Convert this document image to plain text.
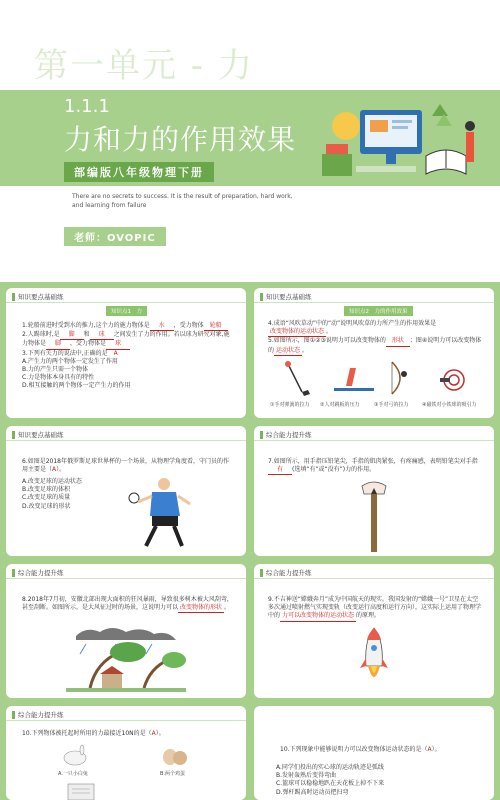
第一单元 - 力
1.1.1
力和力的作用效果
部编版八年级物理下册
There are no secrets to success. It is the result of preparation, hard work, and learning from failure
老师：OVOPIC
知识要点基础练
知识点1　力
1.轮船前进时受到水的推力,这个力的施力物体是 水 ，受力物体 轮船
2.人踢球时,是 脚 和 球 之间发生了力的作用。若以球为研究对象,施力物体是 脚 ，受力物体是 球
3.下列有关力的说法中,正确的是　 A
A.产生力的两个物体一定发生了作用
B.力的产生只需一个物体
C.力是物体本身具有的特性
D.相互接触的两个物体一定产生力的作用
知识要点基础练
知识点2　力的作用效果
4.成语“风吹草动”中的“动”说明风吹草的力所产生的作用效果是改变物体的运动状态 。
5.如图所示，图①②③说明力可以改变物体的 形状 ；图④说明力可以改变物体的 运动状态 。
①手对弹簧的拉力 ②人对跳板的压力	③手对弓的拉力	④磁铁对小铁球的吸引力
知识要点基础练
6.如图是2018年俄罗斯足球世界杯的一个场景，从物理学角度看，守门员的作用主要是（A）。
A.改变足球的运动状态
B.改变足球的体积
C.改变足球的质量
D.改变足球的形状
综合能力提升练
7.如图所示，用手指压铅笔尖，手指的肌肉紧张，有疼痛感，表明铅笔尖对手指有 (选填“有”或“没有”)力的作用。
综合能力提升练
8.2018年7月初，安徽北部出现大面积的狂风暴雨，导致很多树木被大风刮弯，甚至刮断。如图所示，是大风征过时的场景，这说明力可以 改变物体的形状 。
综合能力提升练
9.不吉神送“嫦娥奔月”成为中国航天的现实。我国发射的“嫦娥一号”卫星在太空多次通过喷射燃气实现变轨（改变运行高度和运行方向），这实际上运用了物理学中的 力可以改变物体的运动状态 的原理。
综合能力提升练
10.下列物体被托起时所用的力最接近10N的是（A）。
A.一只小白兔	B.两个鸡蛋
10.下列现象中能够说明力可以改变物体运动状态的是（A）。
A.同学们投出的实心球的运动轨迹是弧线
B.发射轰熟后变得弯曲
C.篮球可以稳稳地趴在天花板上掉不下来
D.弹杆踢高时运动员把扫弯
